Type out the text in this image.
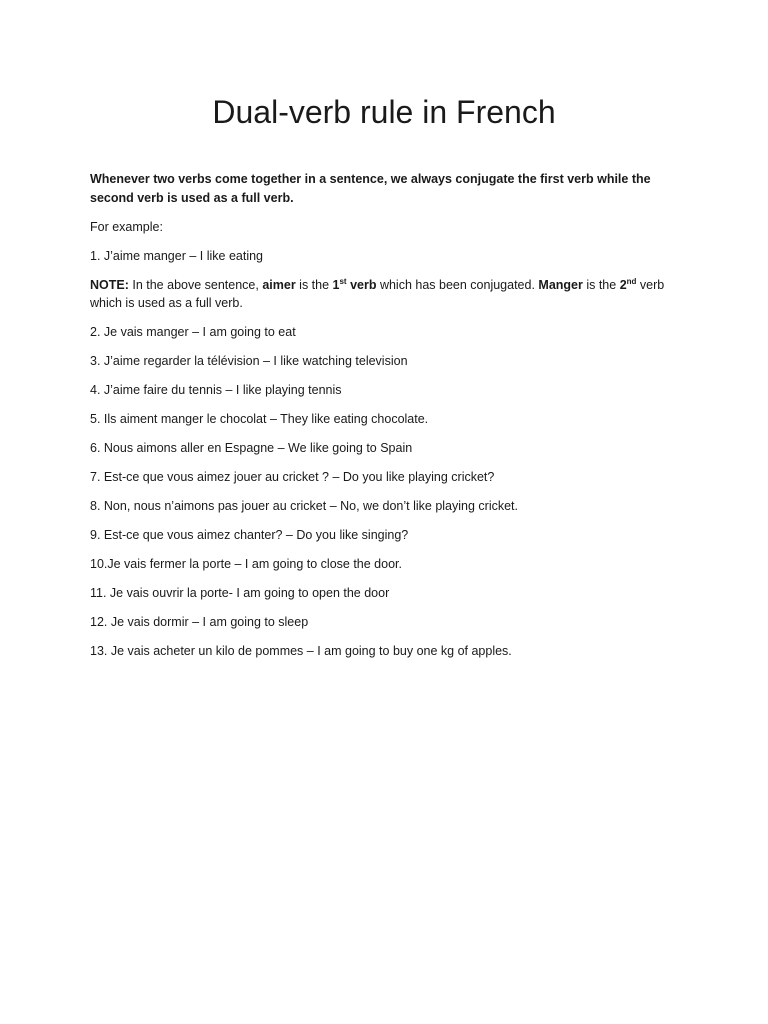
Dual-verb rule in French

Whenever two verbs come together in a sentence, we always conjugate the first verb while the second verb is used as a full verb.

For example:

1. J’aime manger – I like eating

NOTE: In the above sentence, aimer is the 1st verb which has been conjugated. Manger is the 2nd verb which is used as a full verb.

2. Je vais manger – I am going to eat

3. J’aime regarder la télévision – I like watching television

4. J’aime faire du tennis – I like playing tennis

5. Ils aiment manger le chocolat – They like eating chocolate.

6. Nous aimons aller en Espagne – We like going to Spain

7. Est-ce que vous aimez jouer au cricket ? – Do you like playing cricket?

8. Non, nous n’aimons pas jouer au cricket – No, we don’t like playing cricket.

9. Est-ce que vous aimez chanter? – Do you like singing?

10.Je vais fermer la porte – I am going to close the door.

11. Je vais ouvrir la porte- I am going to open the door

12. Je vais dormir – I am going to sleep

13. Je vais acheter un kilo de pommes – I am going to buy one kg of apples.
